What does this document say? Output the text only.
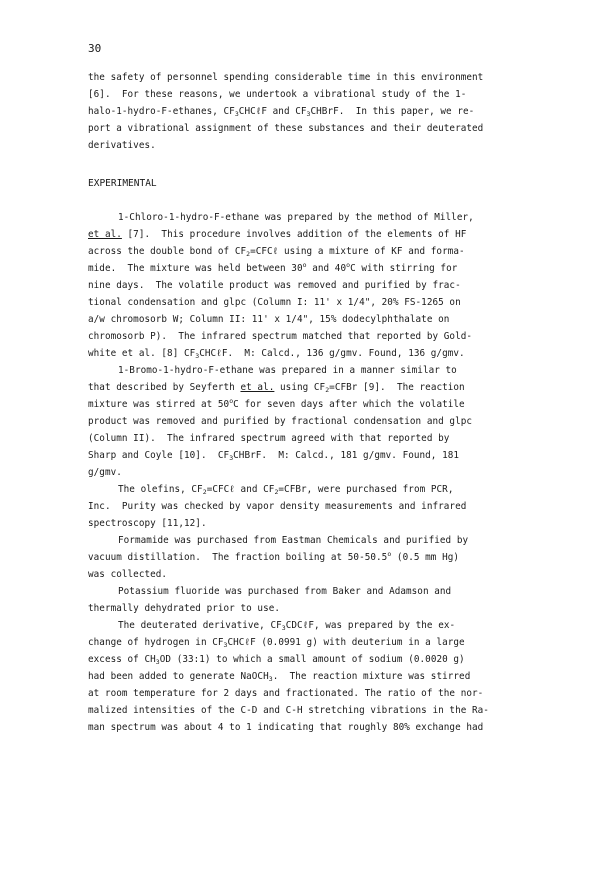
30
the safety of personnel spending considerable time in this environment
[6].  For these reasons, we undertook a vibrational study of the 1-
halo-1-hydro-F-ethanes, $CF_3CHC\ell F$ and $CF_3CHBrF$.  In this paper, we re-
port a vibrational assignment of these substances and their deuterated
derivatives.
EXPERIMENTAL
1-Chloro-1-hydro-F-ethane was prepared by the method of Miller,
et al. [7].  This procedure involves addition of the elements of HF
across the double bond of $CF_2=CFC\ell$ using a mixture of KF and forma-
mide.  The mixture was held between 30$^o$ and 40$^o$C with stirring for
nine days.  The volatile product was removed and purified by frac-
tional condensation and glpc (Column I: 11' x 1/4", 20% FS-1265 on
a/w chromosorb W; Column II: 11' x 1/4", 15% dodecylphthalate on
chromosorb P).  The infrared spectrum matched that reported by Gold-
white et al. [8] $CF_3CHC\ell F$.  M: Calcd., 136 g/gmv. Found, 136 g/gmv.
1-Bromo-1-hydro-F-ethane was prepared in a manner similar to
that described by Seyferth et al. using $CF_2=CFBr$ [9].  The reaction
mixture was stirred at 50$^o$C for seven days after which the volatile
product was removed and purified by fractional condensation and glpc
(Column II).  The infrared spectrum agreed with that reported by
Sharp and Coyle [10].  $CF_3CHBrF$.  M: Calcd., 181 g/gmv. Found, 181
g/gmv.
The olefins, $CF_2=CFC\ell$ and $CF_2=CFBr$, were purchased from PCR,
Inc.  Purity was checked by vapor density measurements and infrared
spectroscopy [11,12].
Formamide was purchased from Eastman Chemicals and purified by
vacuum distillation.  The fraction boiling at 50-50.5$^o$ (0.5 mm Hg)
was collected.
Potassium fluoride was purchased from Baker and Adamson and
thermally dehydrated prior to use.
The deuterated derivative, $CF_3CDC\ell F$, was prepared by the ex-
change of hydrogen in $CF_3CHC\ell F$ (0.0991 g) with deuterium in a large
excess of $CH_3OD$ (33:1) to which a small amount of sodium (0.0020 g)
had been added to generate NaOCH$_3$.  The reaction mixture was stirred
at room temperature for 2 days and fractionated. The ratio of the nor-
malized intensities of the C-D and C-H stretching vibrations in the Ra-
man spectrum was about 4 to 1 indicating that roughly 80% exchange had
